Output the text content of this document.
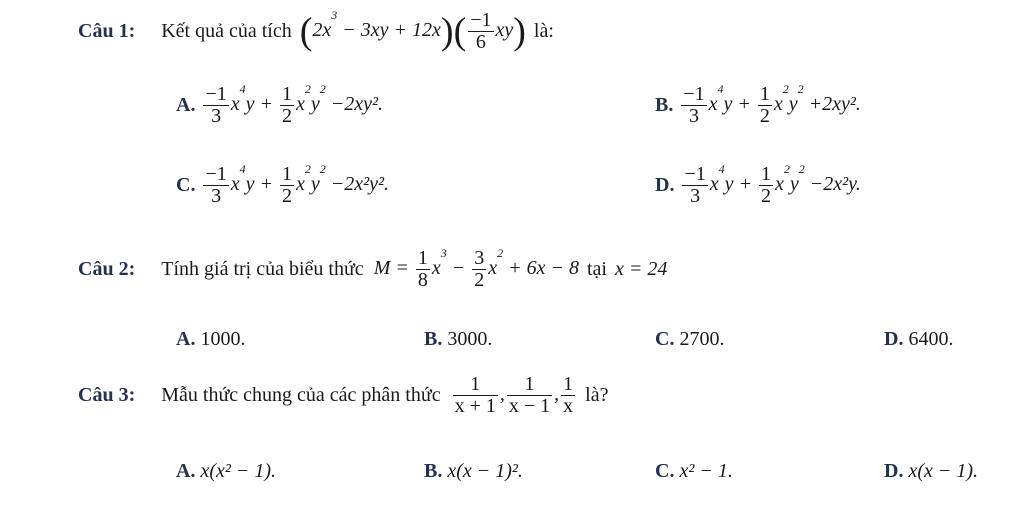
Câu 1: Kết quả của tích $(2x^3 - 3xy + 12x)( \frac{-1}{6} xy)$ là:
A. $\frac{-1}{3} x^4y + \frac{1}{2} x^2y^2 -2xy^2$.	B. $\frac{-1}{3} x^4y + \frac{1}{2} x^2y^2 +2xy^2$.
C. $\frac{-1}{3} x^4y + \frac{1}{2} x^2y^2 -2x^2y^2$.	D. $\frac{-1}{3} x^4y + \frac{1}{2} x^2y^2 -2x^2y$.
Câu 2: Tính giá trị của biểu thức $M = \frac{1}{8} x^3 - \frac{3}{2} x^2 + 6x - 8$ tại x = 24
A. 1000.	B. 3000.	C. 2700.	D. 6400.
Câu 3: Mẫu thức chung của các phân thức $\frac{1}{x + 1}$ , $\frac{1}{x - 1}$ , $\frac{1}{x}$ là?
A. x(x² − 1).	B. x(x − 1)².	C. x² − 1.	D. x(x − 1).
